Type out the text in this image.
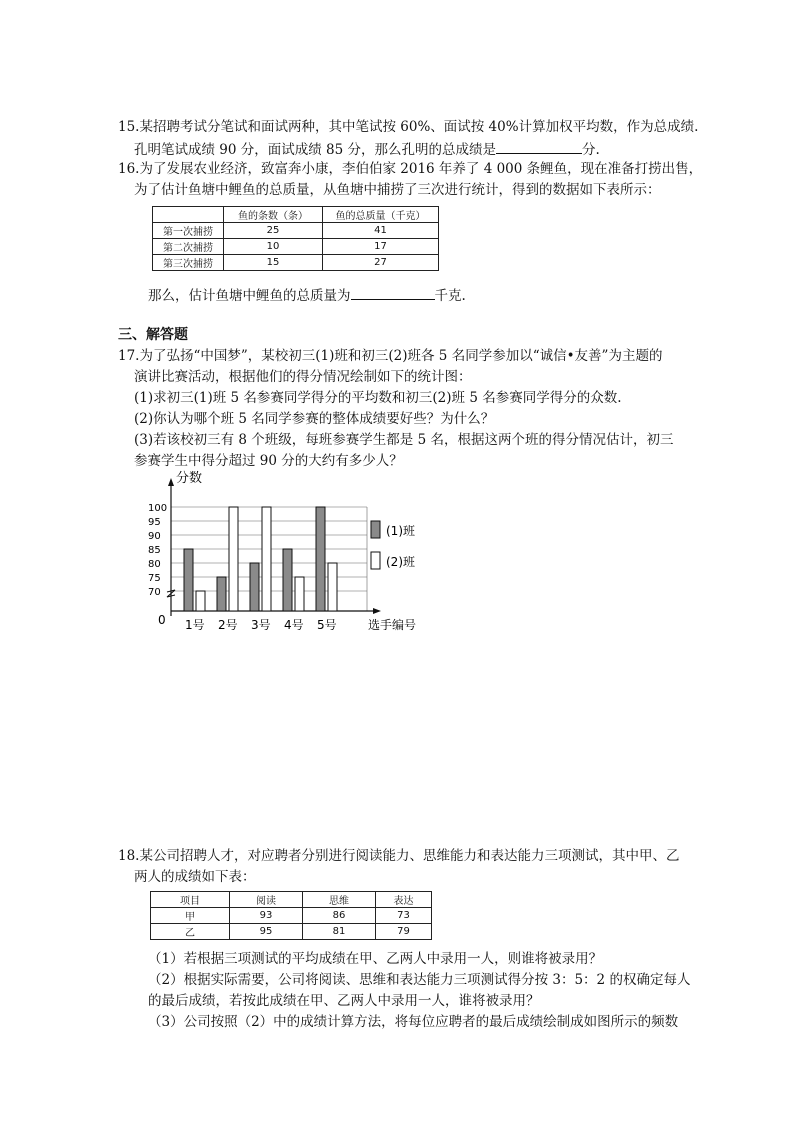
15.某招聘考试分笔试和面试两种，其中笔试按 60%、面试按 40%计算加权平均数，作为总成绩.
孔明笔试成绩 90 分，面试成绩 85 分，那么孔明的总成绩是	分.
16.为了发展农业经济，致富奔小康，李伯伯家 2016 年养了 4 000 条鲤鱼，现在准备打捞出售，
为了估计鱼塘中鲤鱼的总质量，从鱼塘中捕捞了三次进行统计，得到的数据如下表所示：
	鱼的条数（条）	鱼的总质量（千克）
第一次捕捞	25	41
第二次捕捞	10	17
第三次捕捞	15	27
那么，估计鱼塘中鲤鱼的总质量为	千克.
三、解答题
17.为了弘扬“中国梦”，某校初三(1)班和初三(2)班各 5 名同学参加以“诚信•友善”为主题的
演讲比赛活动，根据他们的得分情况绘制如下的统计图：
(1)求初三(1)班 5 名参赛同学得分的平均数和初三(2)班 5 名参赛同学得分的众数.
(2)你认为哪个班 5 名同学参赛的整体成绩要好些？为什么？
(3)若该校初三有 8 个班级，每班参赛学生都是 5 名，根据这两个班的得分情况估计，初三
参赛学生中得分超过 90 分的大约有多少人？
分数
0
70
75
80
85
90
95
100
1号 2号 3号 4号 5号	选手编号
(1)班
(2)班
18.某公司招聘人才，对应聘者分别进行阅读能力、思维能力和表达能力三项测试，其中甲、乙
两人的成绩如下表：
项目	阅读	思维	表达
甲	93	86	73
乙	95	81	79
（1）若根据三项测试的平均成绩在甲、乙两人中录用一人，则谁将被录用？
（2）根据实际需要，公司将阅读、思维和表达能力三项测试得分按 3：5：2 的权确定每人
的最后成绩，若按此成绩在甲、乙两人中录用一人，谁将被录用？
（3）公司按照（2）中的成绩计算方法，将每位应聘者的最后成绩绘制成如图所示的频数
